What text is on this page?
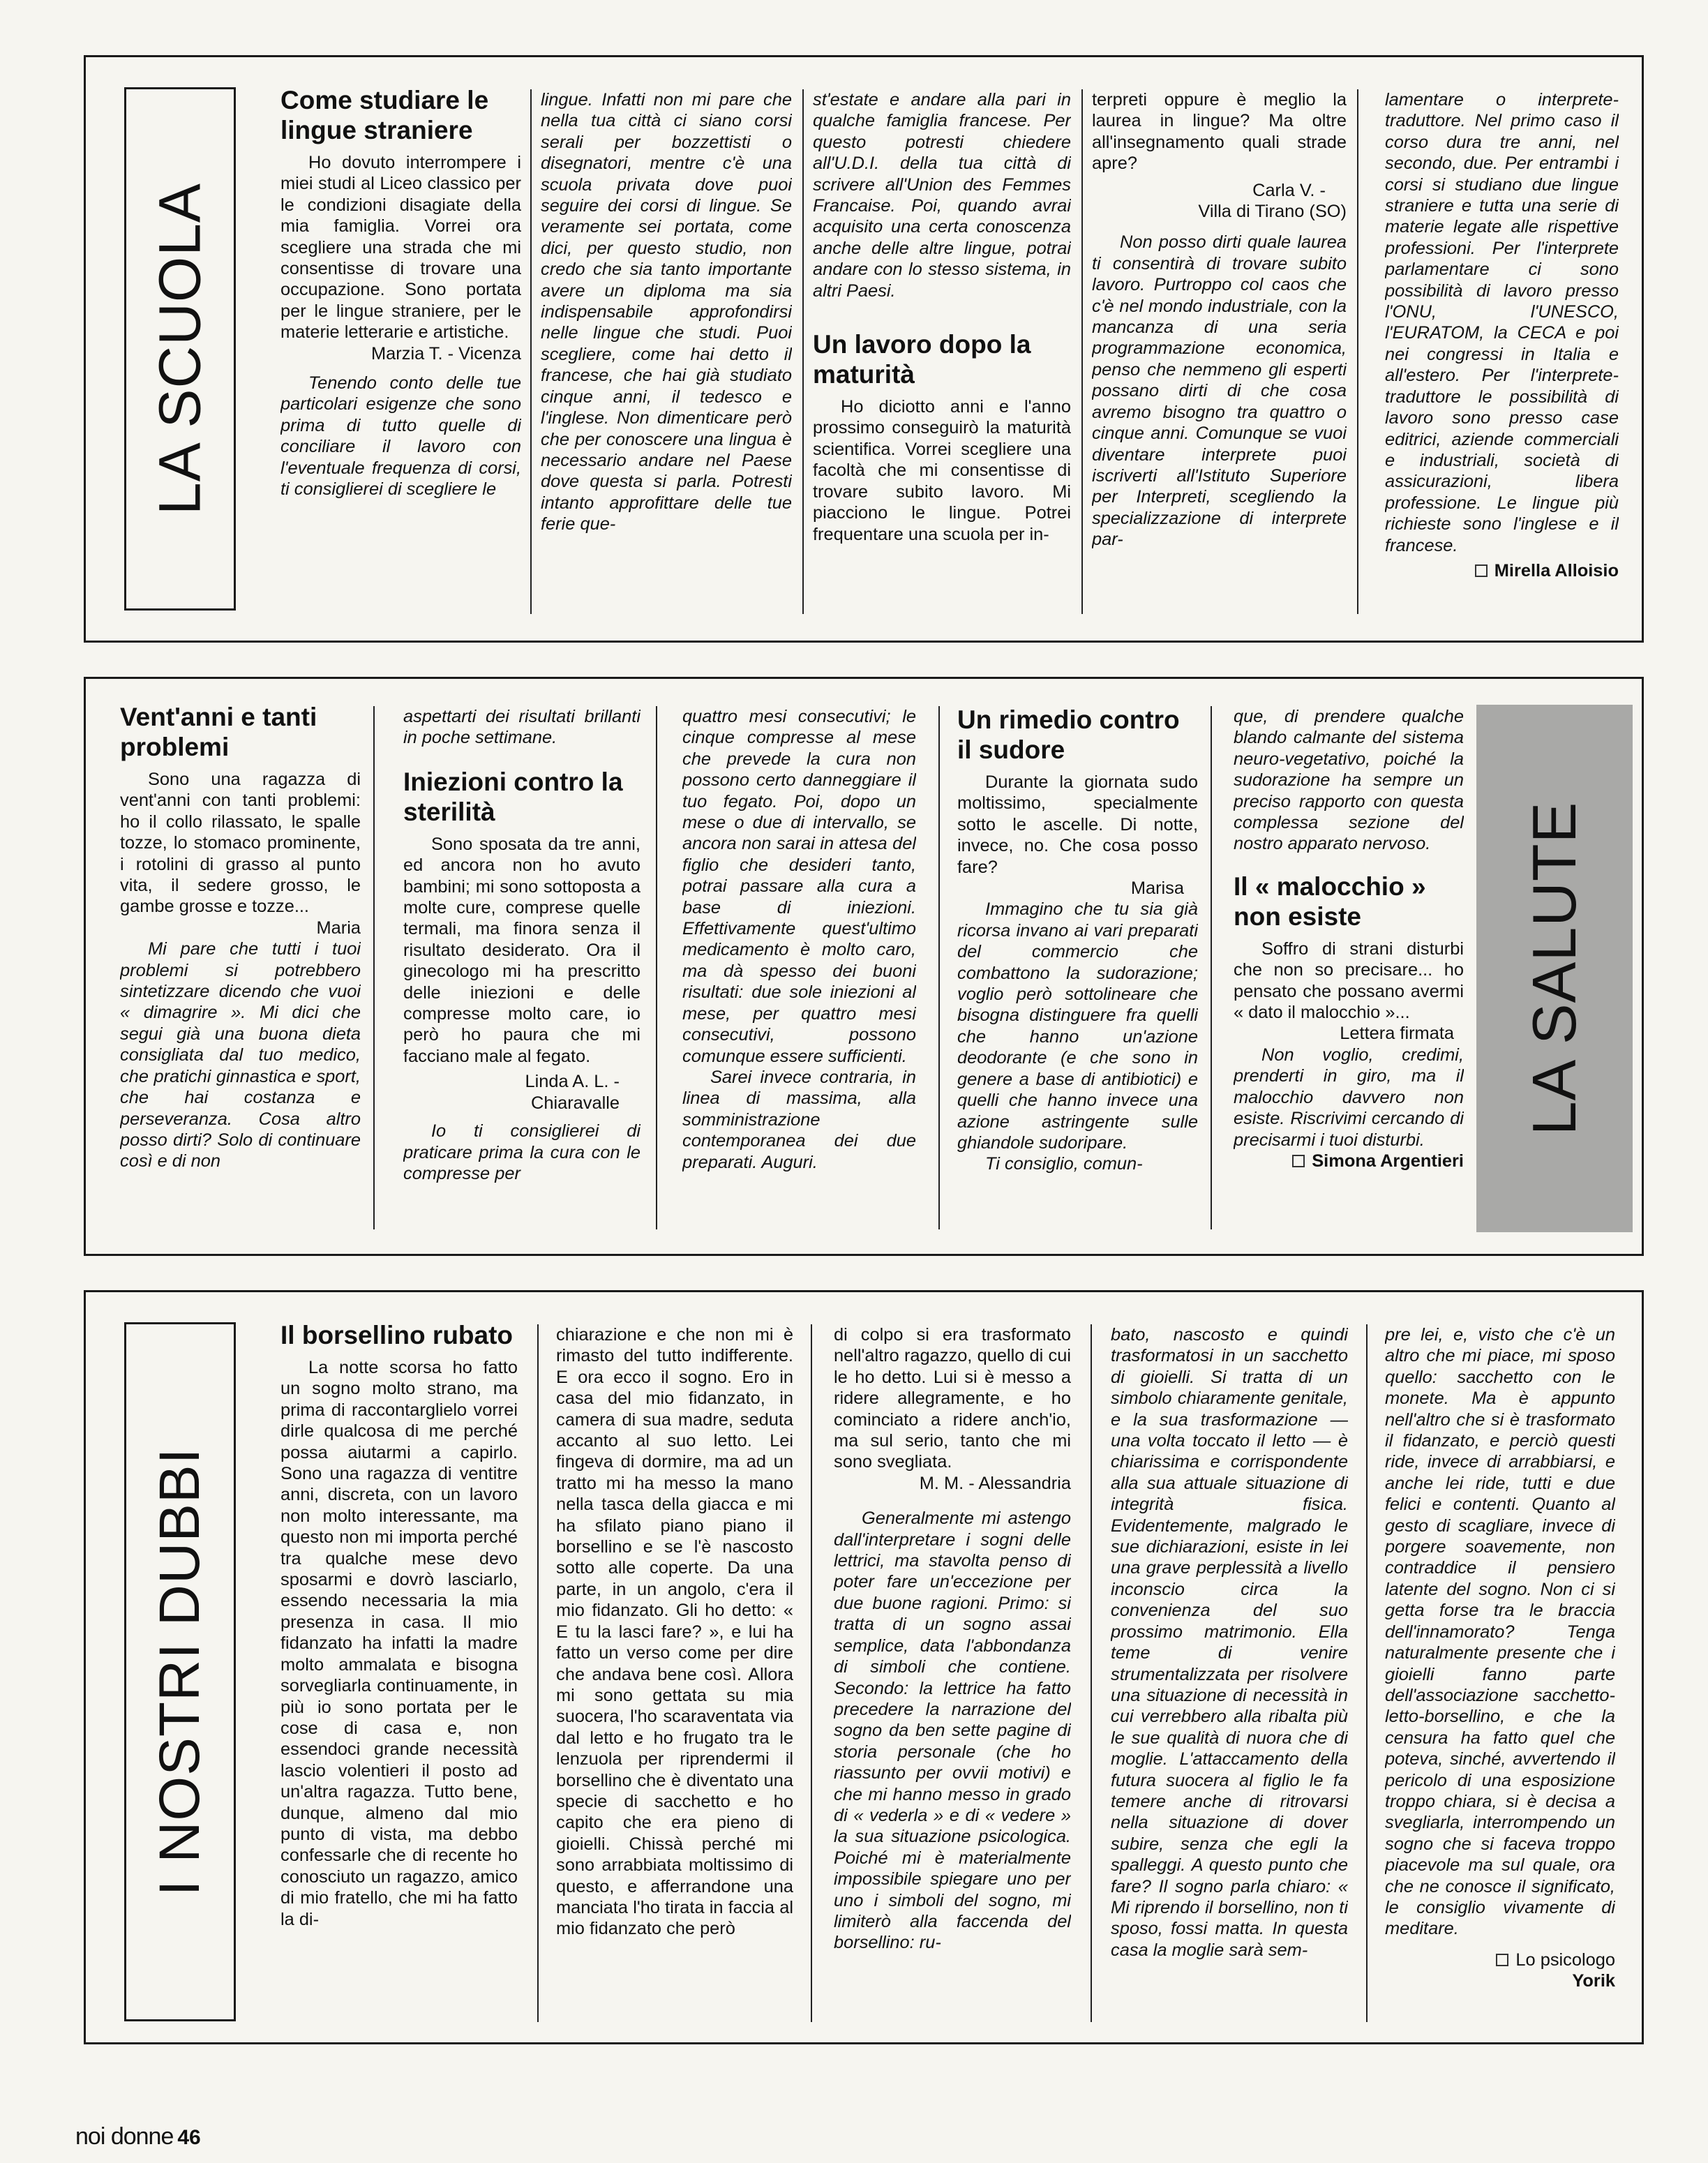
LA SCUOLA
Come studiare le lingue straniere

Ho dovuto interrompere i miei studi al Liceo classico per le condizioni disagiate della mia famiglia. Vorrei ora scegliere una strada che mi consentisse di trovare una occupazione. Sono portata per le lingue straniere, per le materie letterarie e artistiche.

Marzia T. - Vicenza

Tenendo conto delle tue particolari esigenze che sono prima di tutto quelle di conciliare il lavoro con l'eventuale frequenza di corsi, ti consiglierei di scegliere le

lingue. Infatti non mi pare che nella tua città ci siano corsi serali per bozzettisti o disegnatori, mentre c'è una scuola privata dove puoi seguire dei corsi di lingue. Se veramente sei portata, come dici, per questo studio, non credo che sia tanto importante avere un diploma ma sia indispensabile approfondirsi nelle lingue che studi. Puoi scegliere, come hai detto il francese, che hai già studiato cinque anni, il tedesco e l'inglese. Non dimenticare però che per conoscere una lingua è necessario andare nel Paese dove questa si parla. Potresti intanto approfittare delle tue ferie que-

st'estate e andare alla pari in qualche famiglia francese. Per questo potresti chiedere all'U.D.I. della tua città di scrivere all'Union des Femmes Francaise. Poi, quando avrai acquisito una certa conoscenza anche delle altre lingue, potrai andare con lo stesso sistema, in altri Paesi.

Un lavoro dopo la maturità

Ho diciotto anni e l'anno prossimo conseguirò la maturità scientifica. Vorrei scegliere una facoltà che mi consentisse di trovare subito lavoro. Mi piacciono le lingue. Potrei frequentare una scuola per in-

terpreti oppure è meglio la laurea in lingue? Ma oltre all'insegnamento quali strade apre?

Carla V. -

Villa di Tirano (SO)

Non posso dirti quale laurea ti consentirà di trovare subito lavoro. Purtroppo col caos che c'è nel mondo industriale, con la mancanza di una seria programmazione economica, penso che nemmeno gli esperti possano dirti di che cosa avremo bisogno tra quattro o cinque anni. Comunque se vuoi diventare interprete puoi iscriverti all'Istituto Superiore per Interpreti, scegliendo la specializzazione di interprete par-

lamentare o interprete-traduttore. Nel primo caso il corso dura tre anni, nel secondo, due. Per entrambi i corsi si studiano due lingue straniere e tutta una serie di materie legate alle rispettive professioni. Per l'interprete parlamentare ci sono possibilità di lavoro presso l'ONU, l'UNESCO, l'EURATOM, la CECA e poi nei congressi in Italia e all'estero. Per l'interprete-traduttore le possibilità di lavoro sono presso case editrici, aziende commerciali e industriali, società di assicurazioni, libera professione. Le lingue più richieste sono l'inglese e il francese.

Mirella Alloisio

Vent'anni e tanti problemi

Sono una ragazza di vent'anni con tanti problemi: ho il collo rilassato, le spalle tozze, lo stomaco prominente, i rotolini di grasso al punto vita, il sedere grosso, le gambe grosse e tozze...

Maria

Mi pare che tutti i tuoi problemi si potrebbero sintetizzare dicendo che vuoi « dimagrire ». Mi dici che segui già una buona dieta consigliata dal tuo medico, che pratichi ginnastica e sport, che hai costanza e perseveranza. Cosa altro posso dirti? Solo di continuare così e di non

aspettarti dei risultati brillanti in poche settimane.

Iniezioni contro la sterilità

Sono sposata da tre anni, ed ancora non ho avuto bambini; mi sono sottoposta a molte cure, comprese quelle termali, ma finora senza il risultato desiderato. Ora il ginecologo mi ha prescritto delle iniezioni e delle compresse molto care, io però ho paura che mi facciano male al fegato.

Linda A. L. -

Chiaravalle

Io ti consiglierei di praticare prima la cura con le compresse per

quattro mesi consecutivi; le cinque compresse al mese che prevede la cura non possono certo danneggiare il tuo fegato. Poi, dopo un mese o due di intervallo, se ancora non sarai in attesa del figlio che desideri tanto, potrai passare alla cura a base di iniezioni. Effettivamente quest'ultimo medicamento è molto caro, ma dà spesso dei buoni risultati: due sole iniezioni al mese, per quattro mesi consecutivi, possono comunque essere sufficienti.

Sarei invece contraria, in linea di massima, alla somministrazione contemporanea dei due preparati. Auguri.

Un rimedio contro il sudore

Durante la giornata sudo moltissimo, specialmente sotto le ascelle. Di notte, invece, no. Che cosa posso fare?

Marisa

Immagino che tu sia già ricorsa invano ai vari preparati del commercio che combattono la sudorazione; voglio però sottolineare che bisogna distinguere fra quelli che hanno un'azione deodorante (e che sono in genere a base di antibiotici) e quelli che hanno invece una azione astringente sulle ghiandole sudoripare.

Ti consiglio, comun-

que, di prendere qualche blando calmante del sistema neuro-vegetativo, poiché la sudorazione ha sempre un preciso rapporto con questa complessa sezione del nostro apparato nervoso.

Il « malocchio » non esiste

Soffro di strani disturbi che non so precisare... ho pensato che possano avermi « dato il malocchio »...

Lettera firmata

Non voglio, credimi, prenderti in giro, ma il malocchio davvero non esiste. Riscrivimi cercando di precisarmi i tuoi disturbi.

Simona Argentieri

LA SALUTE
I NOSTRI DUBBI
Il borsellino rubato

La notte scorsa ho fatto un sogno molto strano, ma prima di raccontarglielo vorrei dirle qualcosa di me perché possa aiutarmi a capirlo. Sono una ragazza di ventitre anni, discreta, con un lavoro non molto interessante, ma questo non mi importa perché tra qualche mese devo sposarmi e dovrò lasciarlo, essendo necessaria la mia presenza in casa. Il mio fidanzato ha infatti la madre molto ammalata e bisogna sorvegliarla continuamente, in più io sono portata per le cose di casa e, non essendoci grande necessità lascio volentieri il posto ad un'altra ragazza. Tutto bene, dunque, almeno dal mio punto di vista, ma debbo confessarle che di recente ho conosciuto un ragazzo, amico di mio fratello, che mi ha fatto la di-

chiarazione e che non mi è rimasto del tutto indifferente. E ora ecco il sogno. Ero in casa del mio fidanzato, in camera di sua madre, seduta accanto al suo letto. Lei fingeva di dormire, ma ad un tratto mi ha messo la mano nella tasca della giacca e mi ha sfilato piano piano il borsellino e se l'è nascosto sotto alle coperte. Da una parte, in un angolo, c'era il mio fidanzato. Gli ho detto: « E tu la lasci fare? », e lui ha fatto un verso come per dire che andava bene così. Allora mi sono gettata su mia suocera, l'ho scaraventata via dal letto e ho frugato tra le lenzuola per riprendermi il borsellino che è diventato una specie di sacchetto e ho capito che era pieno di gioielli. Chissà perché mi sono arrabbiata moltissimo di questo, e afferrandone una manciata l'ho tirata in faccia al mio fidanzato che però

di colpo si era trasformato nell'altro ragazzo, quello di cui le ho detto. Lui si è messo a ridere allegramente, e ho cominciato a ridere anch'io, ma sul serio, tanto che mi sono svegliata.

M. M. - Alessandria

Generalmente mi astengo dall'interpretare i sogni delle lettrici, ma stavolta penso di poter fare un'eccezione per due buone ragioni. Primo: si tratta di un sogno assai semplice, data l'abbondanza di simboli che contiene. Secondo: la lettrice ha fatto precedere la narrazione del sogno da ben sette pagine di storia personale (che ho riassunto per ovvii motivi) e che mi hanno messo in grado di « vederla » e di « vedere » la sua situazione psicologica. Poiché mi è materialmente impossibile spiegare uno per uno i simboli del sogno, mi limiterò alla faccenda del borsellino: ru-

bato, nascosto e quindi trasformatosi in un sacchetto di gioielli. Si tratta di un simbolo chiaramente genitale, e la sua trasformazione — una volta toccato il letto — è chiarissima e corrispondente alla sua attuale situazione di integrità fisica. Evidentemente, malgrado le sue dichiarazioni, esiste in lei una grave perplessità a livello inconscio circa la convenienza del suo prossimo matrimonio. Ella teme di venire strumentalizzata per risolvere una situazione di necessità in cui verrebbero alla ribalta più le sue qualità di nuora che di moglie. L'attaccamento della futura suocera al figlio le fa temere anche di ritrovarsi nella situazione di dover subire, senza che egli la spalleggi. A questo punto che fare? Il sogno parla chiaro: « Mi riprendo il borsellino, non ti sposo, fossi matta. In questa casa la moglie sarà sem-

pre lei, e, visto che c'è un altro che mi piace, mi sposo quello: sacchetto con le monete. Ma è appunto nell'altro che si è trasformato il fidanzato, e perciò questi ride, invece di arrabbiarsi, e anche lei ride, tutti e due felici e contenti. Quanto al gesto di scagliare, invece di porgere soavemente, non contraddice il pensiero latente del sogno. Non ci si getta forse tra le braccia dell'innamorato? Tenga naturalmente presente che i gioielli fanno parte dell'associazione sacchetto-letto-borsellino, e che la censura ha fatto quel che poteva, sinché, avvertendo il pericolo di una esposizione troppo chiara, si è decisa a svegliarla, interrompendo un sogno che si faceva troppo piacevole ma sul quale, ora che ne conosce il significato, le consiglio vivamente di meditare.

Lo psicologo

Yorik

noi donne 46
